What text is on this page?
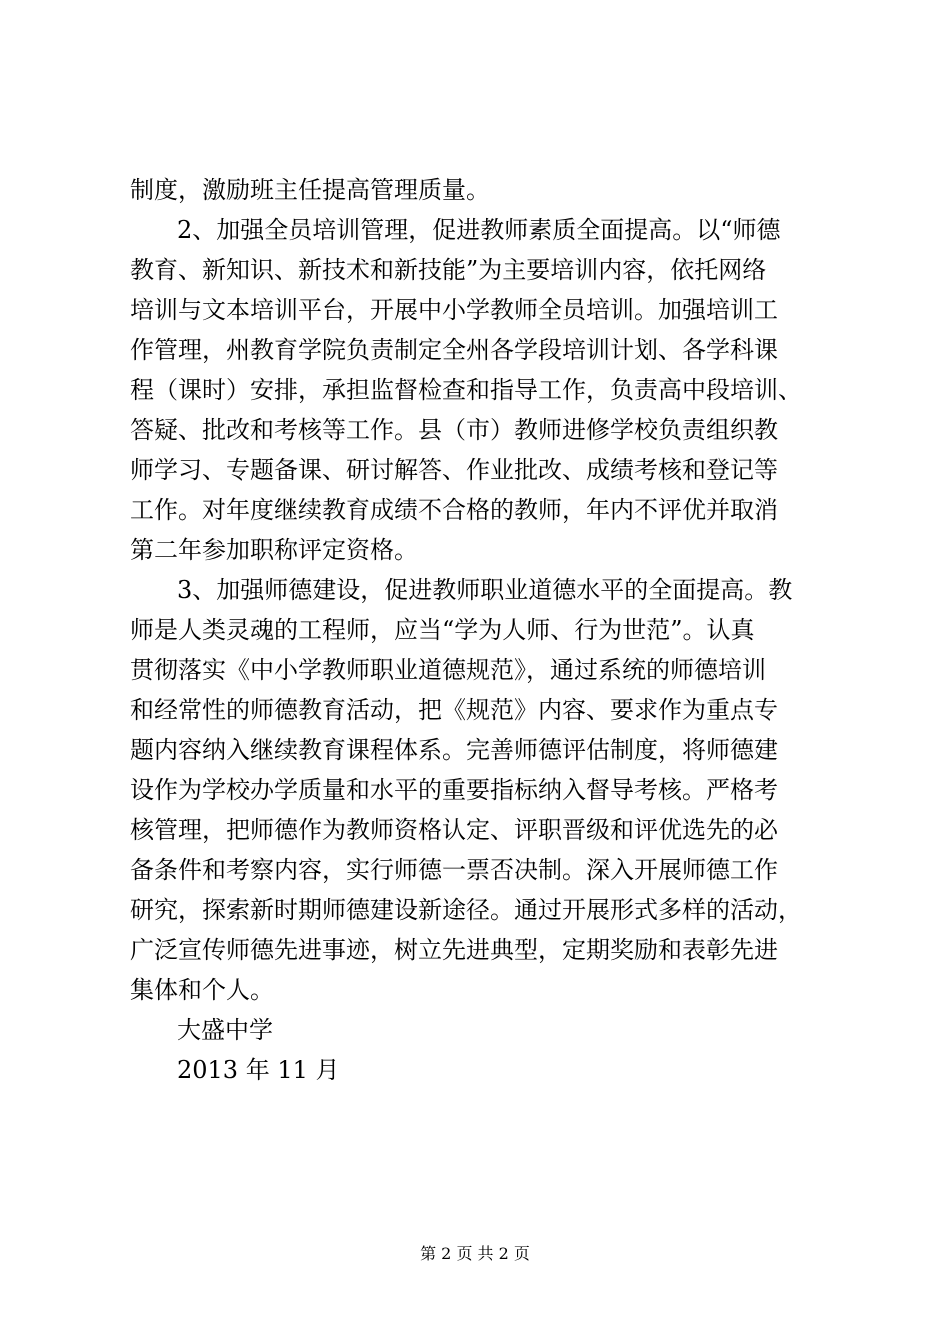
制度，激励班主任提高管理质量。
2、加强全员培训管理，促进教师素质全面提高。以“师德
教育、新知识、新技术和新技能”为主要培训内容，依托网络
培训与文本培训平台，开展中小学教师全员培训。加强培训工
作管理，州教育学院负责制定全州各学段培训计划、各学科课
程（课时）安排，承担监督检查和指导工作，负责高中段培训、
答疑、批改和考核等工作。县（市）教师进修学校负责组织教
师学习、专题备课、研讨解答、作业批改、成绩考核和登记等
工作。对年度继续教育成绩不合格的教师，年内不评优并取消
第二年参加职称评定资格。
3、加强师德建设，促进教师职业道德水平的全面提高。教
师是人类灵魂的工程师，应当“学为人师、行为世范”。认真
贯彻落实《中小学教师职业道德规范》，通过系统的师德培训
和经常性的师德教育活动，把《规范》内容、要求作为重点专
题内容纳入继续教育课程体系。完善师德评估制度，将师德建
设作为学校办学质量和水平的重要指标纳入督导考核。严格考
核管理，把师德作为教师资格认定、评职晋级和评优选先的必
备条件和考察内容，实行师德一票否决制。深入开展师德工作
研究，探索新时期师德建设新途径。通过开展形式多样的活动，
广泛宣传师德先进事迹，树立先进典型，定期奖励和表彰先进
集体和个人。
大盛中学
2013 年 11 月
第 2 页 共 2 页
